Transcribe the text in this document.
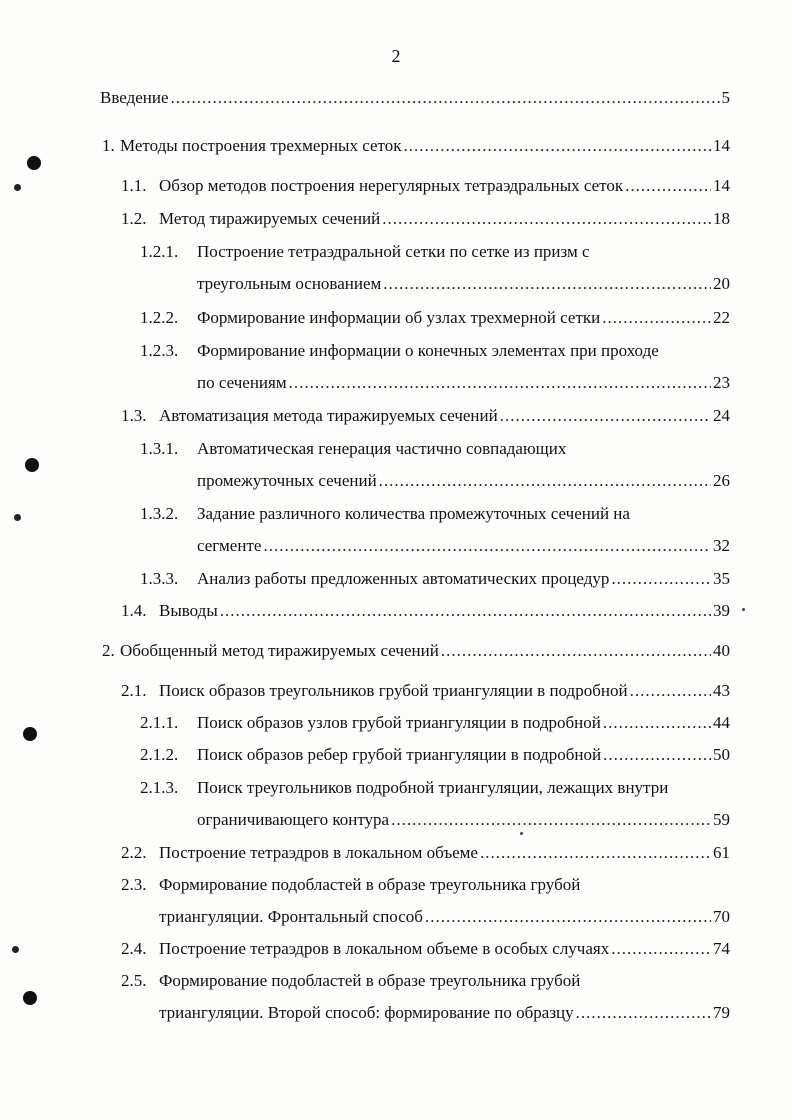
2
Введение .....	5
1. Методы построения трехмерных сеток .....	14
1.1. Обзор методов построения нерегулярных тетраэдральных сеток .....	14
1.2. Метод тиражируемых сечений .....	18
1.2.1. Построение тетраэдральной сетки по сетке из призм с
треугольным основанием .....	20
1.2.2.	Формирование информации об узлах трехмерной сетки .....	22
1.2.3. Формирование информации о конечных элементах при проходе
по сечениям .....	23
1.3. Автоматизация метода тиражируемых сечений .....	24
1.3.1. Автоматическая генерация частично совпадающих
промежуточных сечений .....	26
1.3.2. Задание различного количества промежуточных сечений на
сегменте .....	32
1.3.3.	Анализ работы предложенных автоматических процедур .....	35
1.4. Выводы .....	39
2. Обобщенный метод тиражируемых сечений .....	40
2.1. Поиск образов треугольников грубой триангуляции в подробной .....	43
2.1.1.	Поиск образов узлов грубой триангуляции в подробной .....	44
2.1.2.	Поиск образов ребер грубой триангуляции в подробной .....	50
2.1.3. Поиск треугольников подробной триангуляции, лежащих внутри
ограничивающего контура .....	59
2.2. Построение тетраэдров в локальном объеме .....	61
2.3. Формирование подобластей в образе треугольника грубой
триангуляции. Фронтальный способ .....	70
2.4. Построение тетраэдров в локальном объеме в особых случаях .....	74
2.5. Формирование подобластей в образе треугольника грубой
триангуляции. Второй способ: формирование по образцу .....	79
